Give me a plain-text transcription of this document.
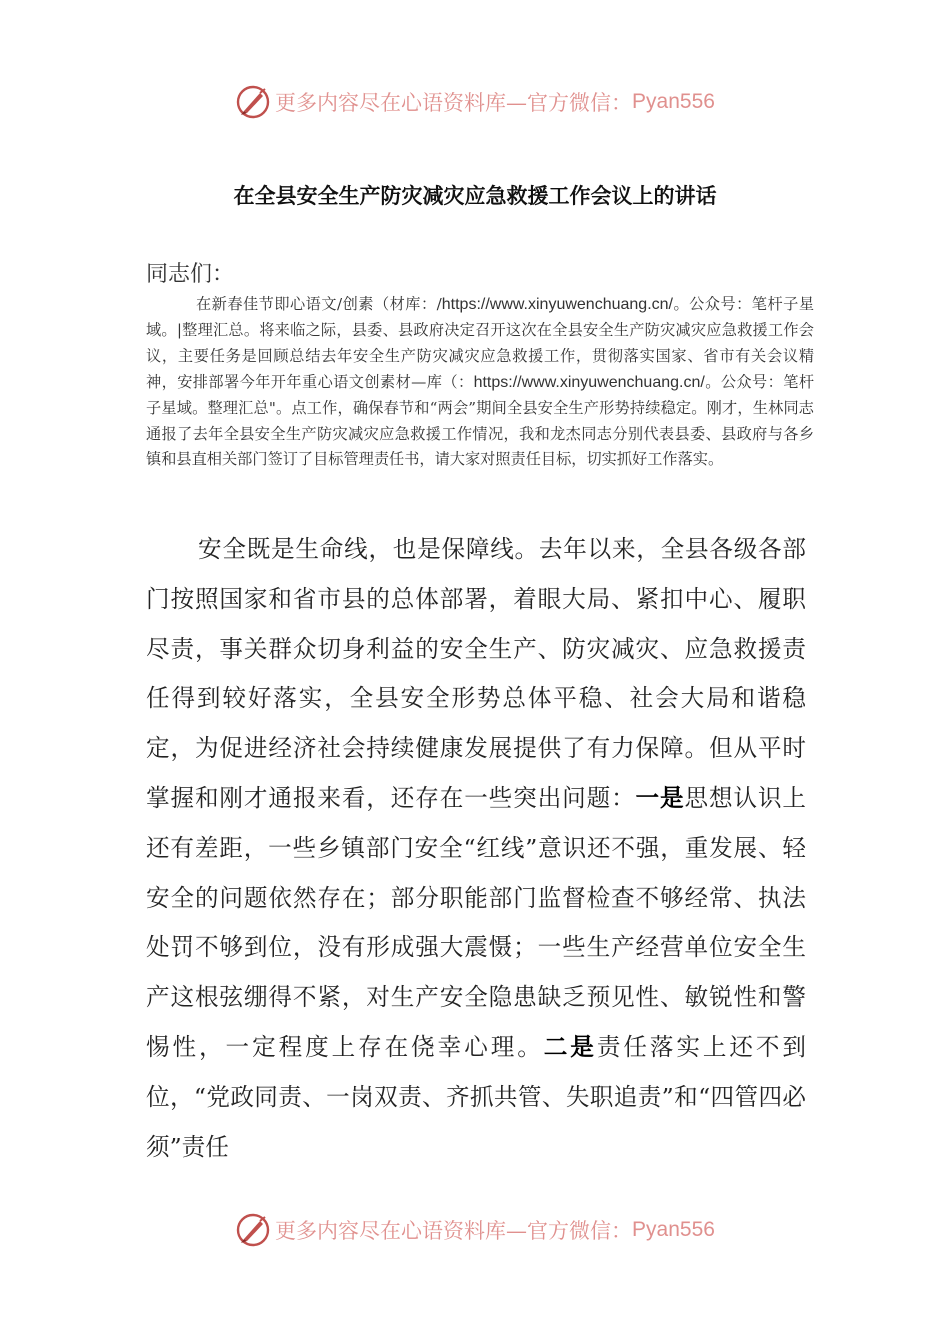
更多内容尽在心语资料库—官方微信： Pyan556
在全县安全生产防灾减灾应急救援工作会议上的讲话
同志们：
在新春佳节即心语文/创素（材库：/https://www.xinyuwenchuang.cn/。公众号：笔杆子星域。|整理汇总。将来临之际，县委、县政府决定召开这次在全县安全生产防灾减灾应急救援工作会议，主要任务是回顾总结去年安全生产防灾减灾应急救援工作，贯彻落实国家、省市有关会议精神，安排部署今年开年重心语文创素材—库（：https://www.xinyuwenchuang.cn/。公众号：笔杆子星域。整理汇总"。点工作，确保春节和“两会”期间全县安全生产形势持续稳定。刚才，生林同志通报了去年全县安全生产防灾减灾应急救援工作情况，我和龙杰同志分别代表县委、县政府与各乡镇和县直相关部门签订了目标管理责任书，请大家对照责任目标，切实抓好工作落实。
安全既是生命线，也是保障线。去年以来，全县各级各部门按照国家和省市县的总体部署，着眼大局、紧扣中心、履职尽责，事关群众切身利益的安全生产、防灾减灾、应急救援责任得到较好落实，全县安全形势总体平稳、社会大局和谐稳定，为促进经济社会持续健康发展提供了有力保障。但从平时掌握和刚才通报来看，还存在一些突出问题：一是思想认识上还有差距，一些乡镇部门安全“红线”意识还不强，重发展、轻安全的问题依然存在；部分职能部门监督检查不够经常、执法处罚不够到位，没有形成强大震慑；一些生产经营单位安全生产这根弦绷得不紧，对生产安全隐患缺乏预见性、敏锐性和警惕性，一定程度上存在侥幸心理。二是责任落实上还不到位，“党政同责、一岗双责、齐抓共管、失职追责”和“四管四必须”责任
更多内容尽在心语资料库—官方微信： Pyan556
